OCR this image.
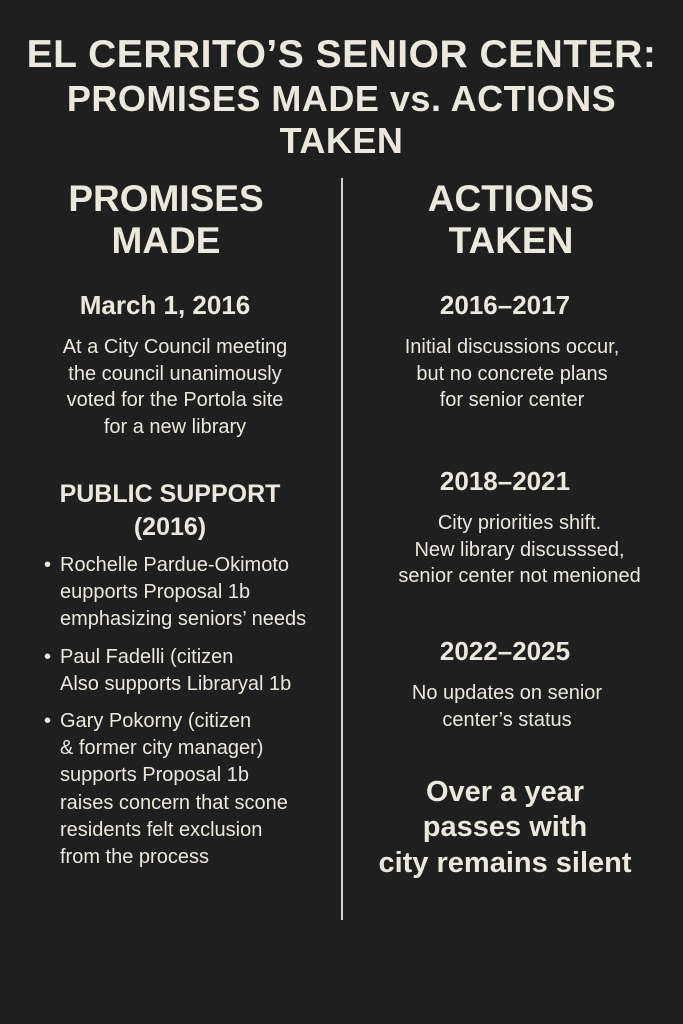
EL CERRITO’S SENIOR CENTER:
PROMISES MADE vs. ACTIONS TAKEN
PROMISES
MADE
March 1, 2016
At a City Council meeting
the council unanimously
voted for the Portola site
for a new library
PUBLIC SUPPORT
(2016)
• Rochelle Pardue-Okimoto
eupports Proposal 1b
emphasizing seniors’ needs
• Paul Fadelli (citizen
Also supports Libraryal 1b
• Gary Pokorny (citizen
& former city manager)
supports Proposal 1b
raises concern that scone
residents felt exclusion
from the process
ACTIONS
TAKEN
2016–2017
Initial discussions occur,
but no concrete plans
for senior center
2018–2021
City priorities shift.
New library discusssed,
senior center not menioned
2022–2025
No updates on senior
center’s status
Over a year
passes with
city remains silent
